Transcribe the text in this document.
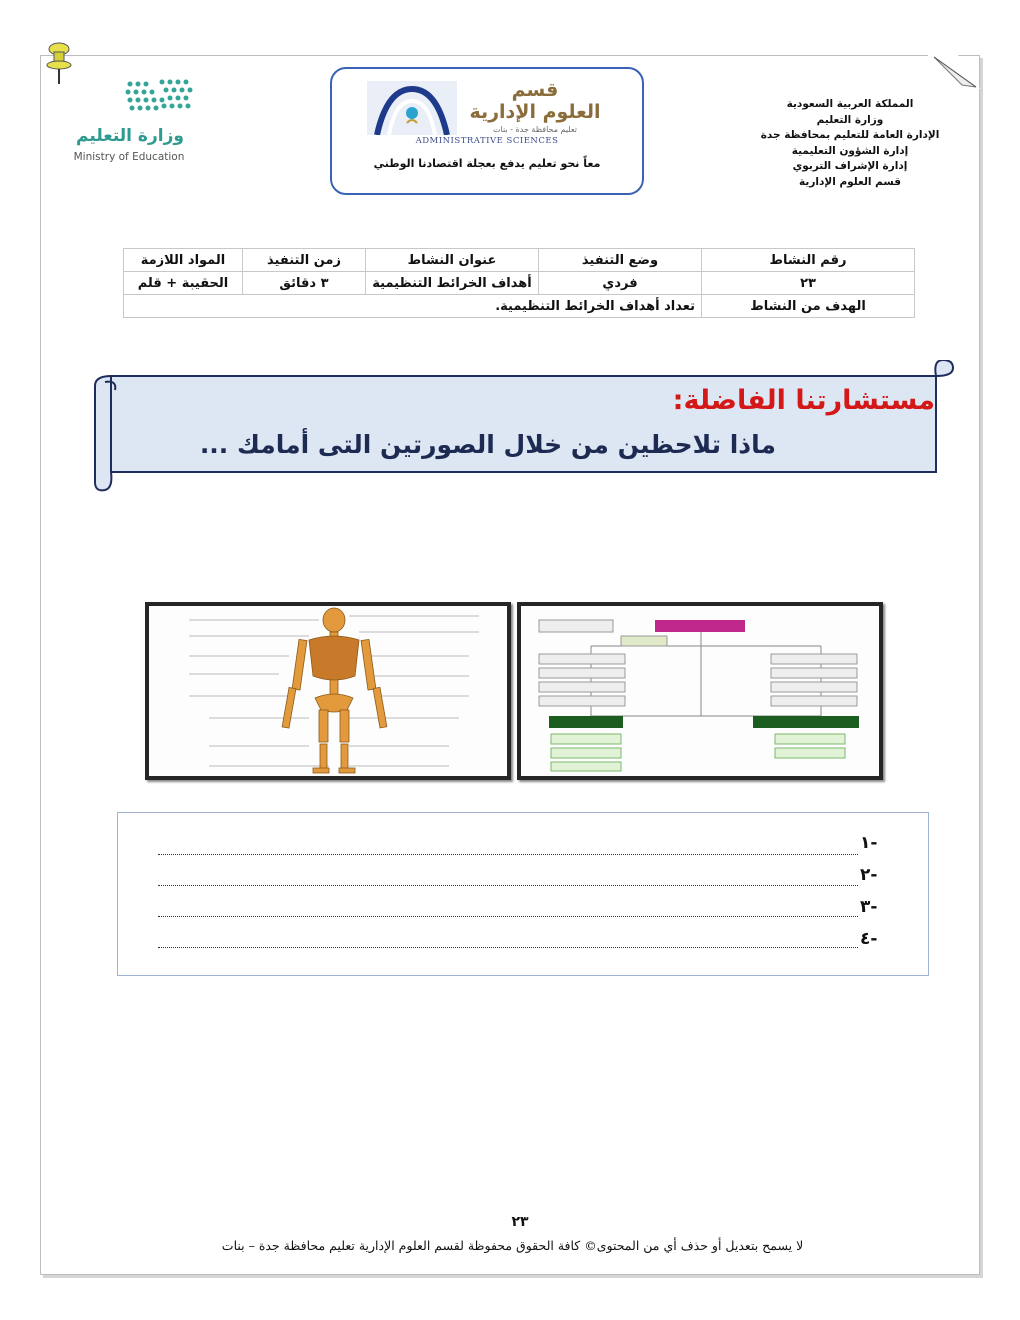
المملكة العربية السعودية
وزارة التعليم
الإدارة العامة للتعليم بمحافظة جدة
إدارة الشؤون التعليمية
إدارة الإشراف التربوي
قسم العلوم الإدارية
وزارة التعليم
Ministry of Education
قسم
العلوم الإدارية
تعليم محافظة جدة - بنات
ADMINISTRATIVE SCIENCES
معاً نحو تعليم يدفع بعجلة اقتصادنا الوطني
رقم النشاط	وضع التنفيذ	عنوان النشاط	زمن التنفيذ	المواد اللازمة
٢٣	فردي	أهداف الخرائط التنظيمية	٣ دقائق	الحقيبة + قلم
الهدف من النشاط	تعداد أهداف الخرائط التنظيمية.			
مستشارتنا الفاضلة:
ماذا تلاحظين من خلال الصورتين التى أمامك ...
١-
٢-
٣-
٤-
٢٣
لا يسمح بتعديل أو حذف أي من المحتوى© كافة الحقوق محفوظة لقسم العلوم الإدارية تعليم محافظة جدة – بنات
